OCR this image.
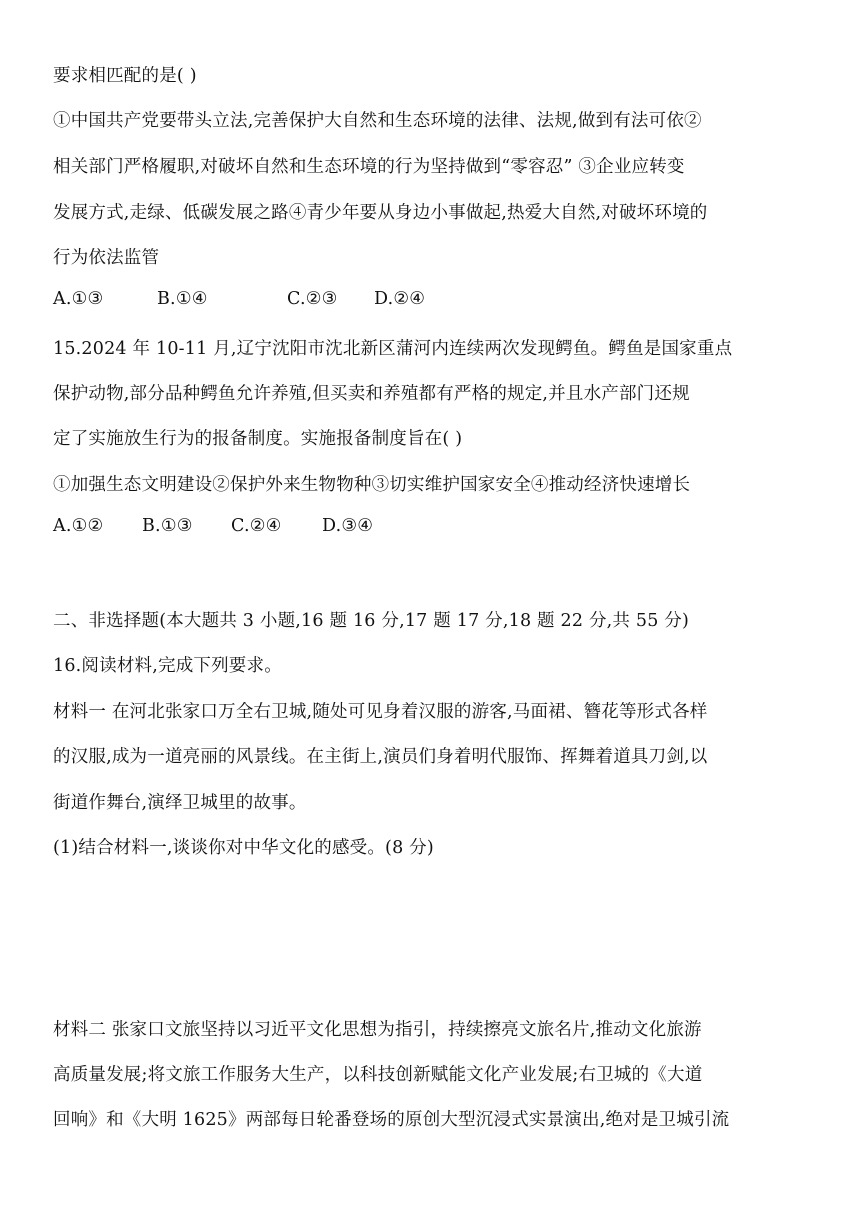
要求相匹配的是( )
①中国共产党要带头立法,完善保护大自然和生态环境的法律、法规,做到有法可依②
相关部门严格履职,对破坏自然和生态环境的行为坚持做到“零容忍” ③企业应转变
发展方式,走绿、低碳发展之路④青少年要从身边小事做起,热爱大自然,对破坏环境的
行为依法监管
A.①③	B.①④	C.②③ D.②④
15.2024 年 10-11 月,辽宁沈阳市沈北新区蒲河内连续两次发现鳄鱼。鳄鱼是国家重点
保护动物,部分品种鳄鱼允许养殖,但买卖和养殖都有严格的规定,并且水产部门还规
定了实施放生行为的报备制度。实施报备制度旨在( )
①加强生态文明建设②保护外来生物物种③切实维护国家安全④推动经济快速增长
A.①② B.①③ C.②④ D.③④
二、非选择题(本大题共 3 小题,16 题 16 分,17 题 17 分,18 题 22 分,共 55 分)
16.阅读材料,完成下列要求。
材料一 在河北张家口万全右卫城,随处可见身着汉服的游客,马面裙、簪花等形式各样
的汉服,成为一道亮丽的风景线。在主街上,演员们身着明代服饰、挥舞着道具刀剑,以
街道作舞台,演绎卫城里的故事。
(1)结合材料一,谈谈你对中华文化的感受。(8 分)
材料二 张家口文旅坚持以习近平文化思想为指引，持续擦亮文旅名片,推动文化旅游
高质量发展;将文旅工作服务大生产，以科技创新赋能文化产业发展;右卫城的《大道
回响》和《大明 1625》两部每日轮番登场的原创大型沉浸式实景演出,绝对是卫城引流
